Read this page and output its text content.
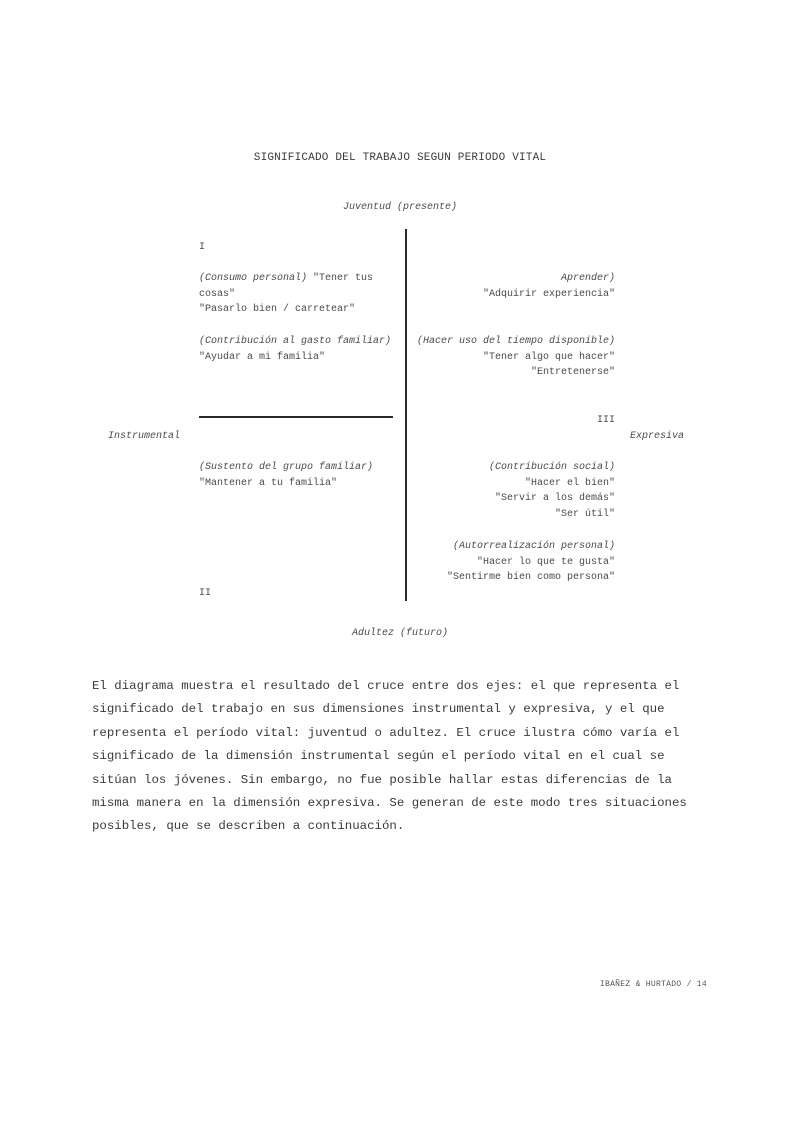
SIGNIFICADO DEL TRABAJO SEGUN PERIODO VITAL
Juventud (presente)
Adultez (futuro)
Instrumental	Expresiva
I
II
III
(Consumo personal) "Tener tus cosas"
"Pasarlo bien / carretear"
(Contribución al gasto familiar)
"Ayudar a mi familia"
Aprender)
"Adquirir experiencia"
(Hacer uso del tiempo disponible)
"Tener algo que hacer"
"Entretenerse"
(Sustento del grupo familiar)
"Mantener a tu familia"
(Contribución social)
"Hacer el bien"
"Servir a los demás"
"Ser útil"
(Autorrealización personal)
"Hacer lo que te gusta"
"Sentirme bien como persona"
El diagrama muestra el resultado del cruce entre dos ejes: el que representa el significado del trabajo en sus dimensiones instrumental y expresiva, y el que representa el período vital: juventud o adultez. El cruce ilustra cómo varía el significado de la dimensión instrumental según el período vital en el cual se sitúan los jóvenes. Sin embargo, no fue posible hallar estas diferencias de la misma manera en la dimensión expresiva. Se generan de este modo tres situaciones posibles, que se describen a continuación.
IBAÑEZ & HURTADO / 14
